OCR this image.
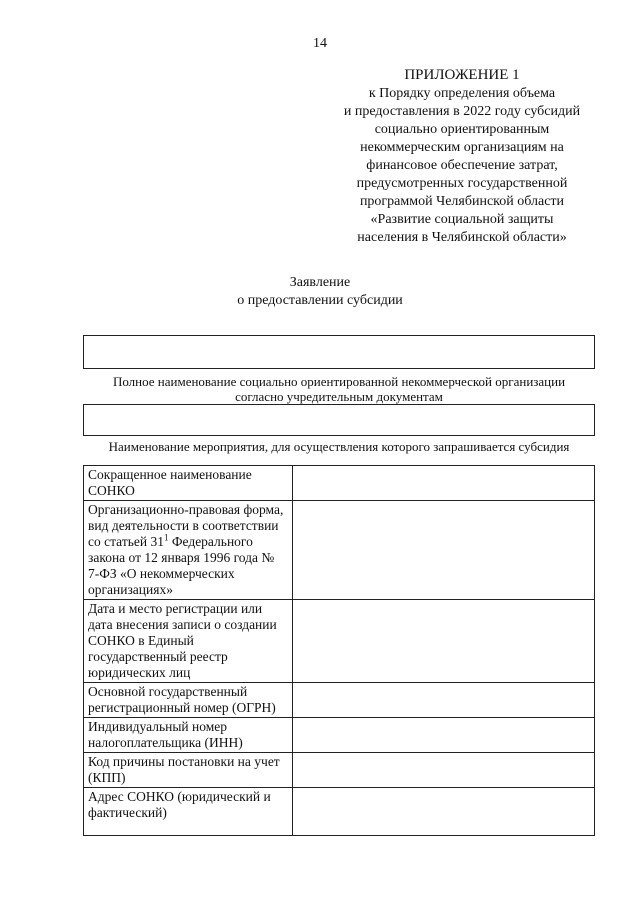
14
ПРИЛОЖЕНИЕ 1
к Порядку определения объема
и предоставления в 2022 году субсидий
социально ориентированным
некоммерческим организациям на
финансовое обеспечение затрат,
предусмотренных государственной
программой Челябинской области
«Развитие социальной защиты
населения в Челябинской области»
Заявление
о предоставлении субсидии
Полное наименование социально ориентированной некоммерческой организации
согласно учредительным документам
Наименование мероприятия, для осуществления которого запрашивается субсидия
Сокращенное наименование СОНКО	
Организационно-правовая форма, вид деятельности в соответствии со статьей $31^1$ Федерального закона от 12 января 1996 года № 7-ФЗ «О некоммерческих организациях»	
Дата и место регистрации или дата внесения записи о создании СОНКО в Единый государственный реестр юридических лиц	
Основной государственный регистрационный номер (ОГРН)	
Индивидуальный номер налогоплательщика (ИНН)	
Код причины постановки на учет (КПП)	
Адрес СОНКО (юридический и фактический)	
